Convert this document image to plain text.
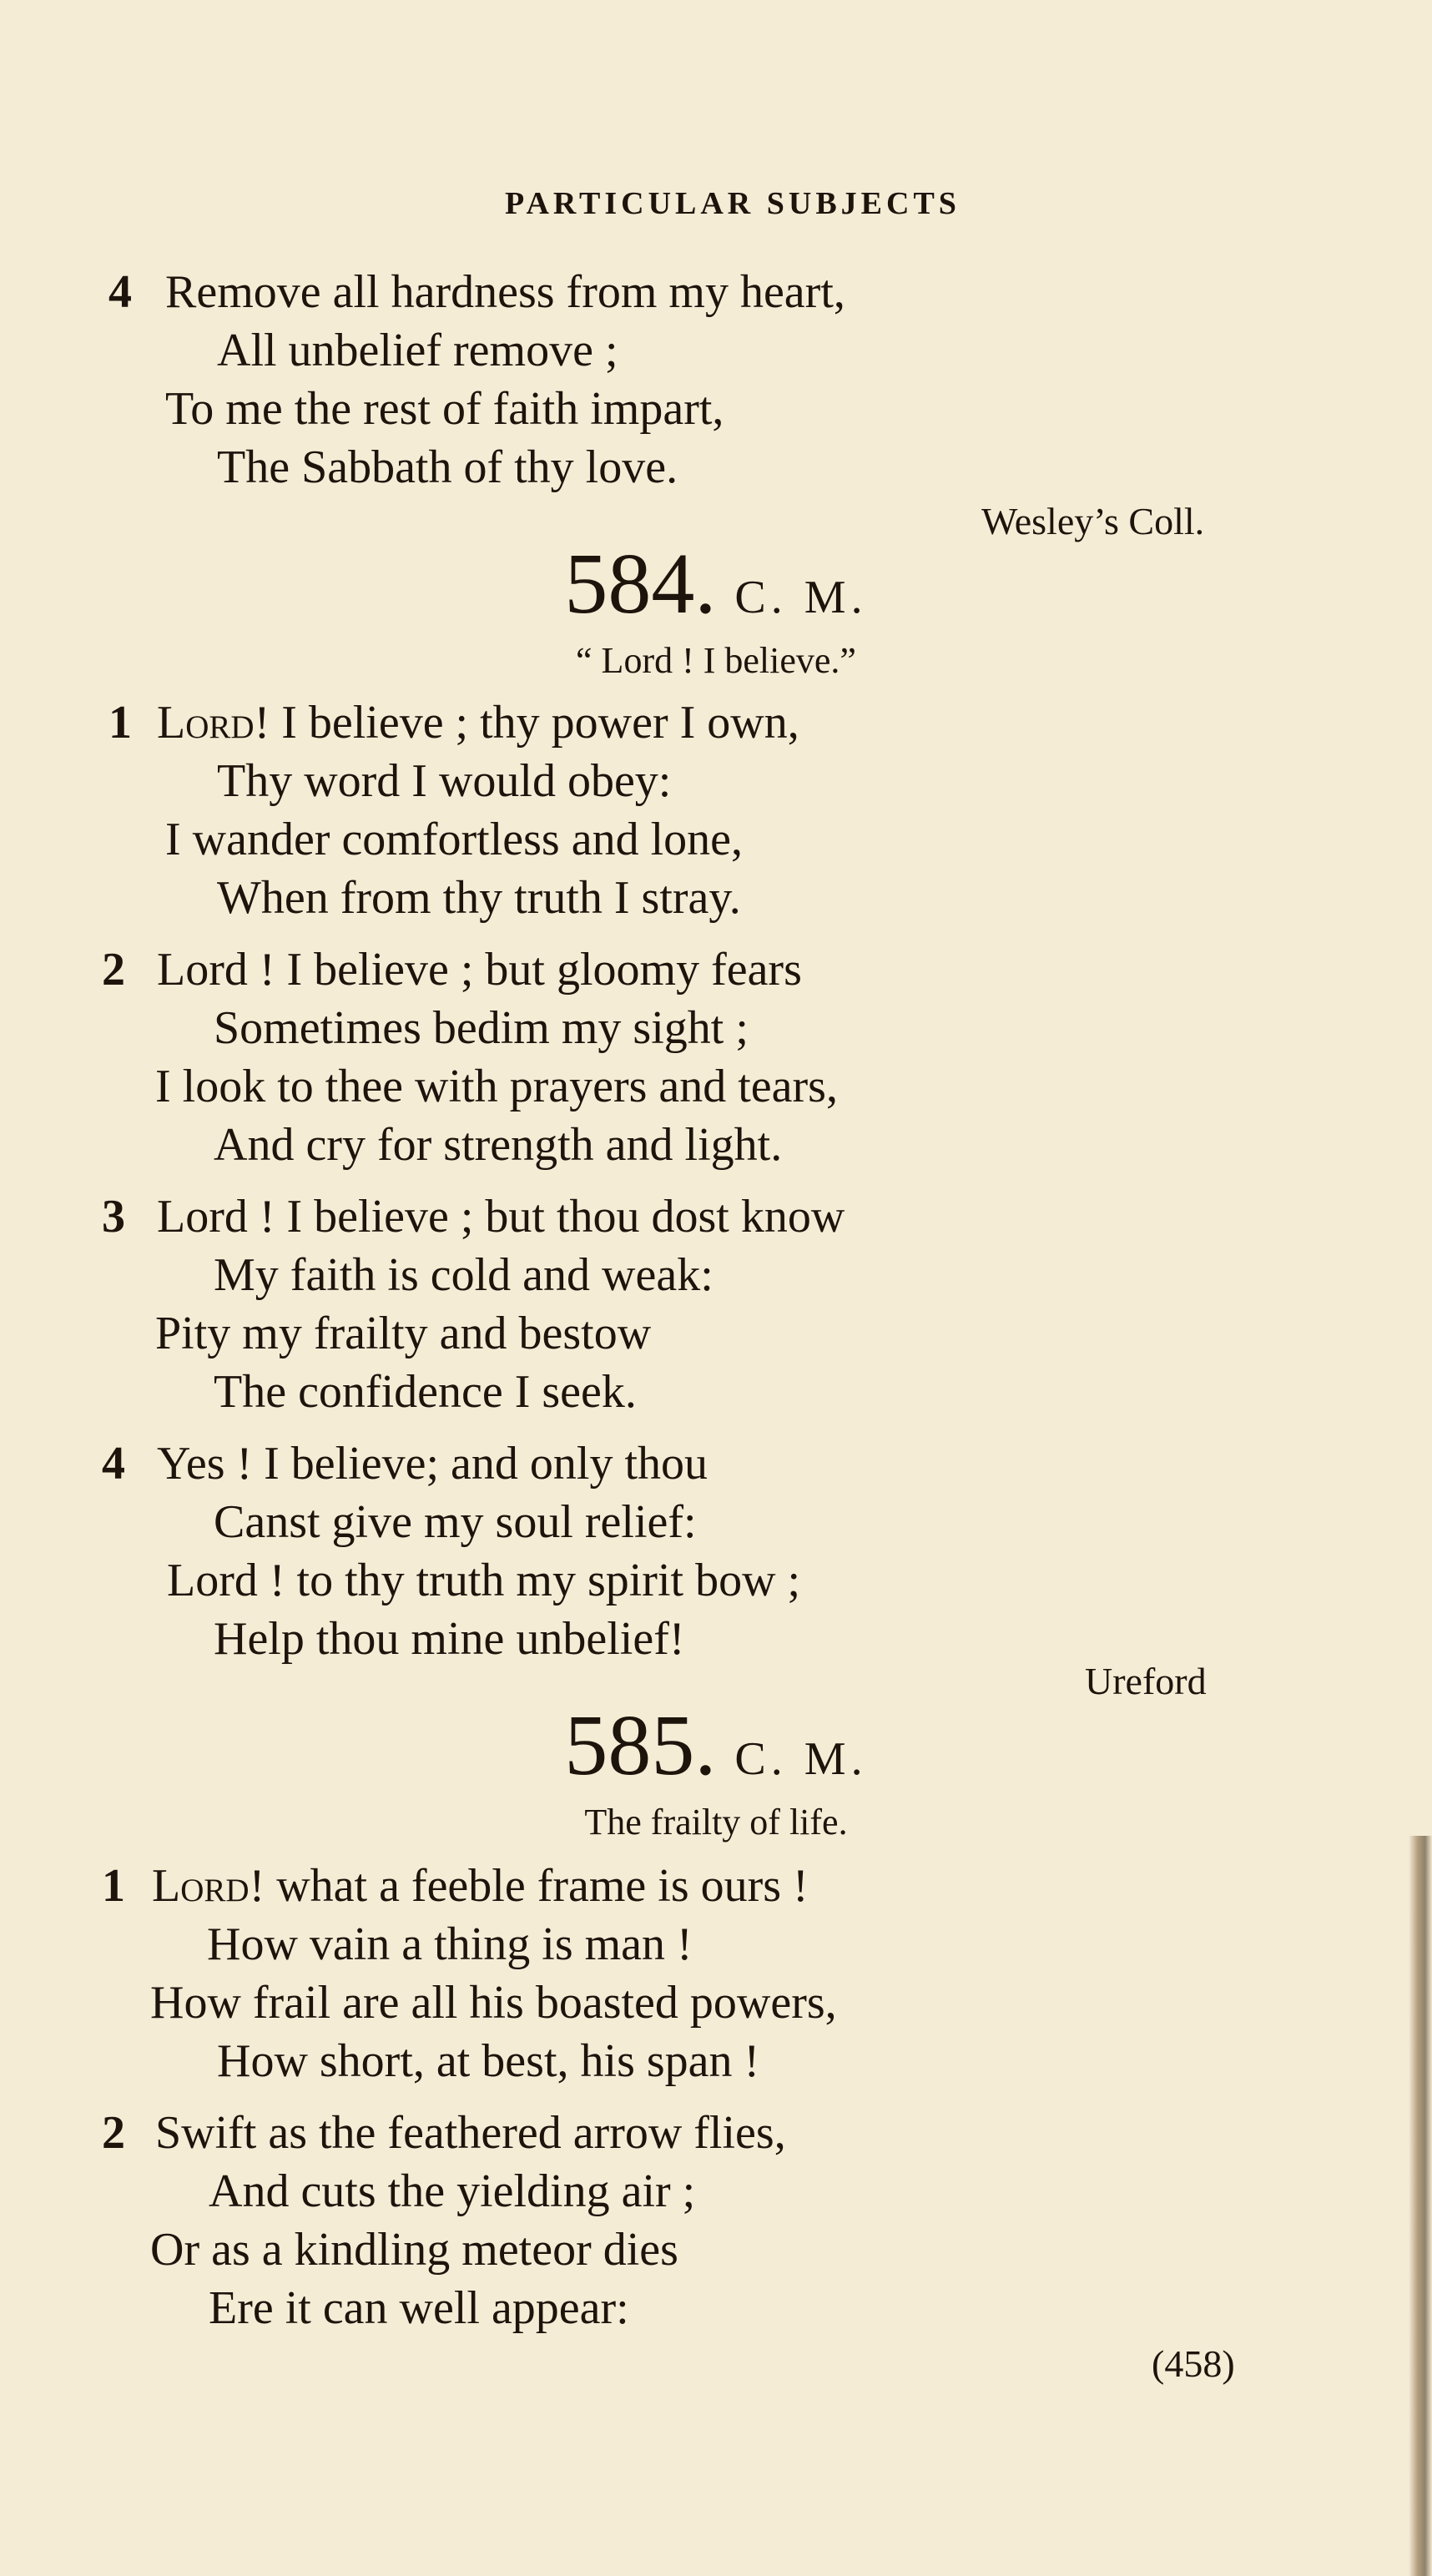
PARTICULAR SUBJECTS
4 Remove all hardness from my heart,
All unbelief remove ;
To me the rest of faith impart,
The Sabbath of thy love.
Wesley’s Coll.
584. C. M.
“ Lord ! I believe.”
1 Lord! I believe ; thy power I own,
Thy word I would obey:
I wander comfortless and lone,
When from thy truth I stray.
2 Lord ! I believe ; but gloomy fears
Sometimes bedim my sight ;
I look to thee with prayers and tears,
And cry for strength and light.
3 Lord ! I believe ; but thou dost know
My faith is cold and weak:
Pity my frailty and bestow
The confidence I seek.
4 Yes ! I believe; and only thou
Canst give my soul relief:
Lord ! to thy truth my spirit bow ;
Help thou mine unbelief!
Ureford
585. C. M.
The frailty of life.
1 Lord! what a feeble frame is ours !
How vain a thing is man !
How frail are all his boasted powers,
How short, at best, his span !
2 Swift as the feathered arrow flies,
And cuts the yielding air ;
Or as a kindling meteor dies
Ere it can well appear:
(458)
